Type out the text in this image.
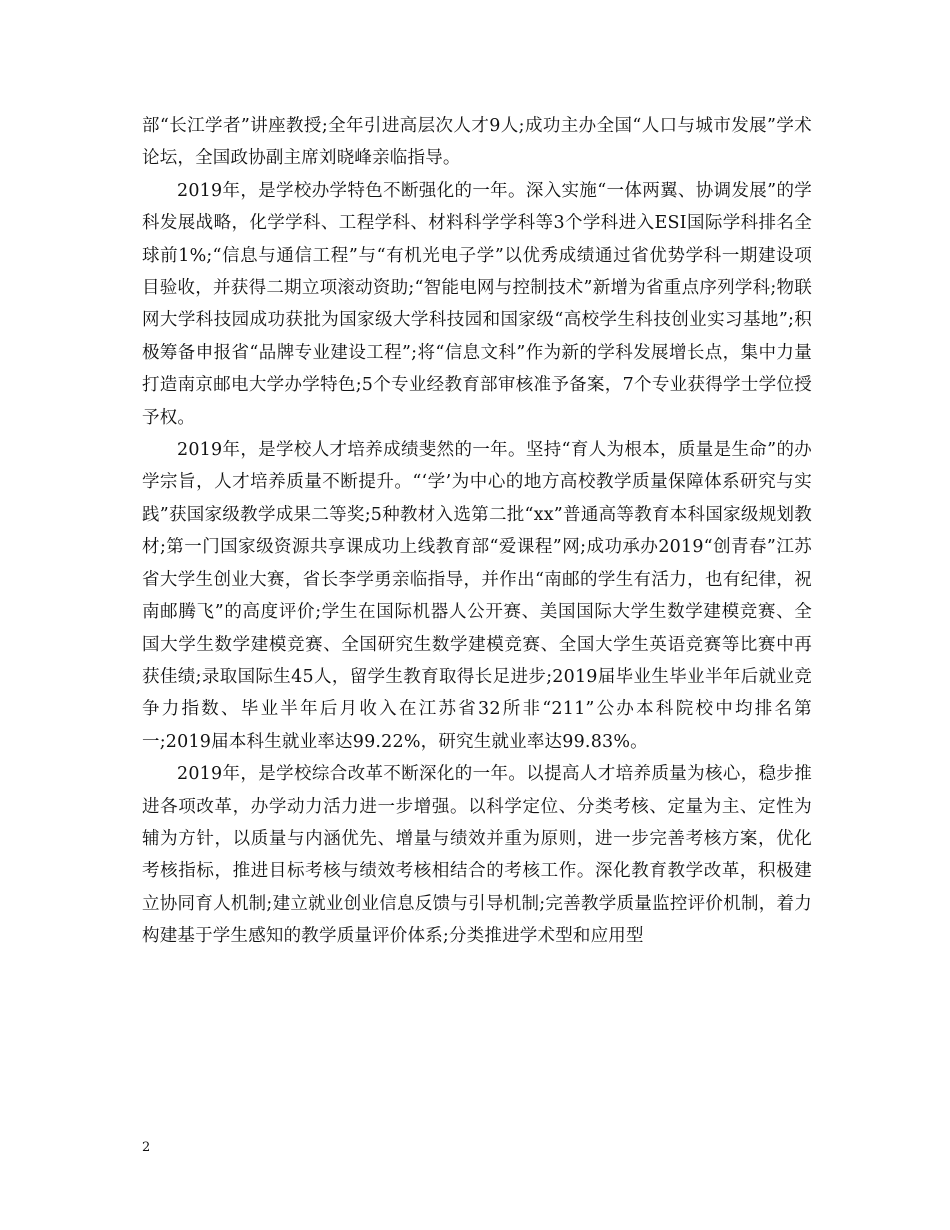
部“长江学者”讲座教授;全年引进高层次人才9人;成功主办全国“人口与城市发展”学术论坛，全国政协副主席刘晓峰亲临指导。

2019年，是学校办学特色不断强化的一年。深入实施“一体两翼、协调发展”的学科发展战略，化学学科、工程学科、材料科学学科等3个学科进入ESI国际学科排名全球前1%;“信息与通信工程”与“有机光电子学”以优秀成绩通过省优势学科一期建设项目验收，并获得二期立项滚动资助;“智能电网与控制技术”新增为省重点序列学科;物联网大学科技园成功获批为国家级大学科技园和国家级“高校学生科技创业实习基地”;积极筹备申报省“品牌专业建设工程”;将“信息文科”作为新的学科发展增长点，集中力量打造南京邮电大学办学特色;5个专业经教育部审核准予备案，7个专业获得学士学位授予权。

2019年，是学校人才培养成绩斐然的一年。坚持“育人为根本，质量是生命”的办学宗旨，人才培养质量不断提升。“‘学’为中心的地方高校教学质量保障体系研究与实践”获国家级教学成果二等奖;5种教材入选第二批“xx”普通高等教育本科国家级规划教材;第一门国家级资源共享课成功上线教育部“爱课程”网;成功承办2019“创青春”江苏省大学生创业大赛，省长李学勇亲临指导，并作出“南邮的学生有活力，也有纪律，祝南邮腾飞”的高度评价;学生在国际机器人公开赛、美国国际大学生数学建模竞赛、全国大学生数学建模竞赛、全国研究生数学建模竞赛、全国大学生英语竞赛等比赛中再获佳绩;录取国际生45人，留学生教育取得长足进步;2019届毕业生毕业半年后就业竞争力指数、毕业半年后月收入在江苏省32所非“211”公办本科院校中均排名第一;2019届本科生就业率达99.22%，研究生就业率达99.83%。

2019年，是学校综合改革不断深化的一年。以提高人才培养质量为核心，稳步推进各项改革，办学动力活力进一步增强。以科学定位、分类考核、定量为主、定性为辅为方针，以质量与内涵优先、增量与绩效并重为原则，进一步完善考核方案，优化考核指标，推进目标考核与绩效考核相结合的考核工作。深化教育教学改革，积极建立协同育人机制;建立就业创业信息反馈与引导机制;完善教学质量监控评价机制，着力构建基于学生感知的教学质量评价体系;分类推进学术型和应用型

2
